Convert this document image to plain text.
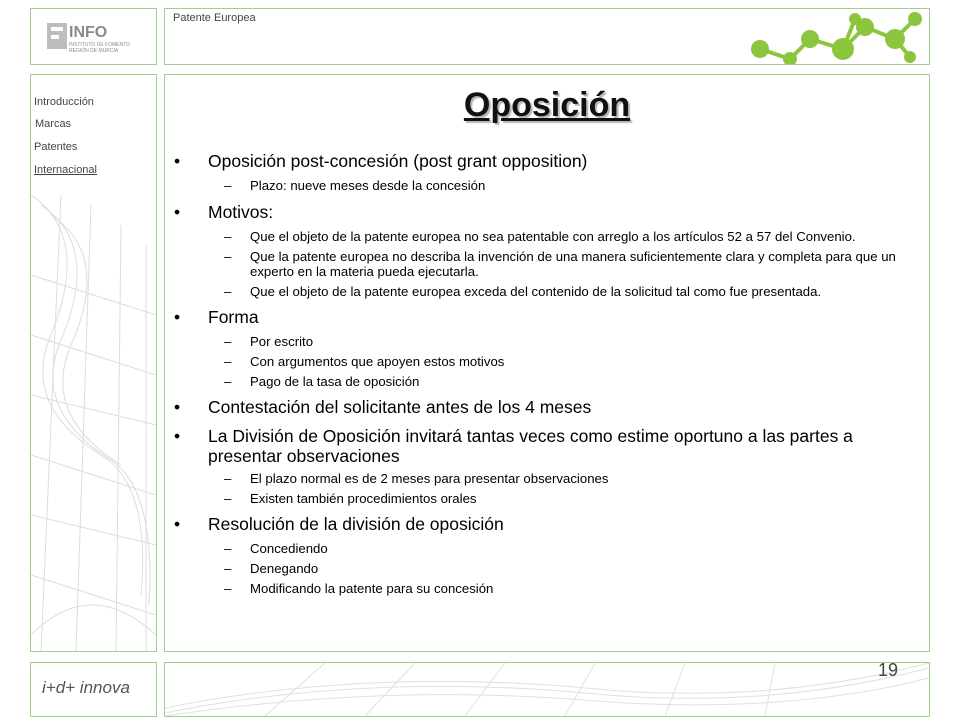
INFO
INSTITUTO DE FOMENTO
REGIÓN DE MURCIA
Patente Europea
Introducción
Marcas
Patentes
Internacional
Oposición
• Oposición post-concesión (post grant opposition)
– Plazo: nueve meses desde la concesión
• Motivos:
– Que el objeto de la patente europea no sea patentable con arreglo a los artículos 52 a 57 del Convenio.
– Que la patente europea no describa la invención de una manera suficientemente clara y completa para que un experto en la materia pueda ejecutarla.
– Que el objeto de la patente europea exceda del contenido de la solicitud tal como fue presentada.
• Forma
– Por escrito
– Con argumentos que apoyen estos motivos
– Pago de la tasa de oposición
• Contestación del solicitante antes de los 4 meses
• La División de Oposición invitará tantas veces como estime oportuno a las partes a presentar observaciones
– El plazo normal es de 2 meses para presentar observaciones
– Existen también procedimientos orales
• Resolución de la división de oposición
– Concediendo
– Denegando
– Modificando la patente para su concesión
i+d+ innova
19
